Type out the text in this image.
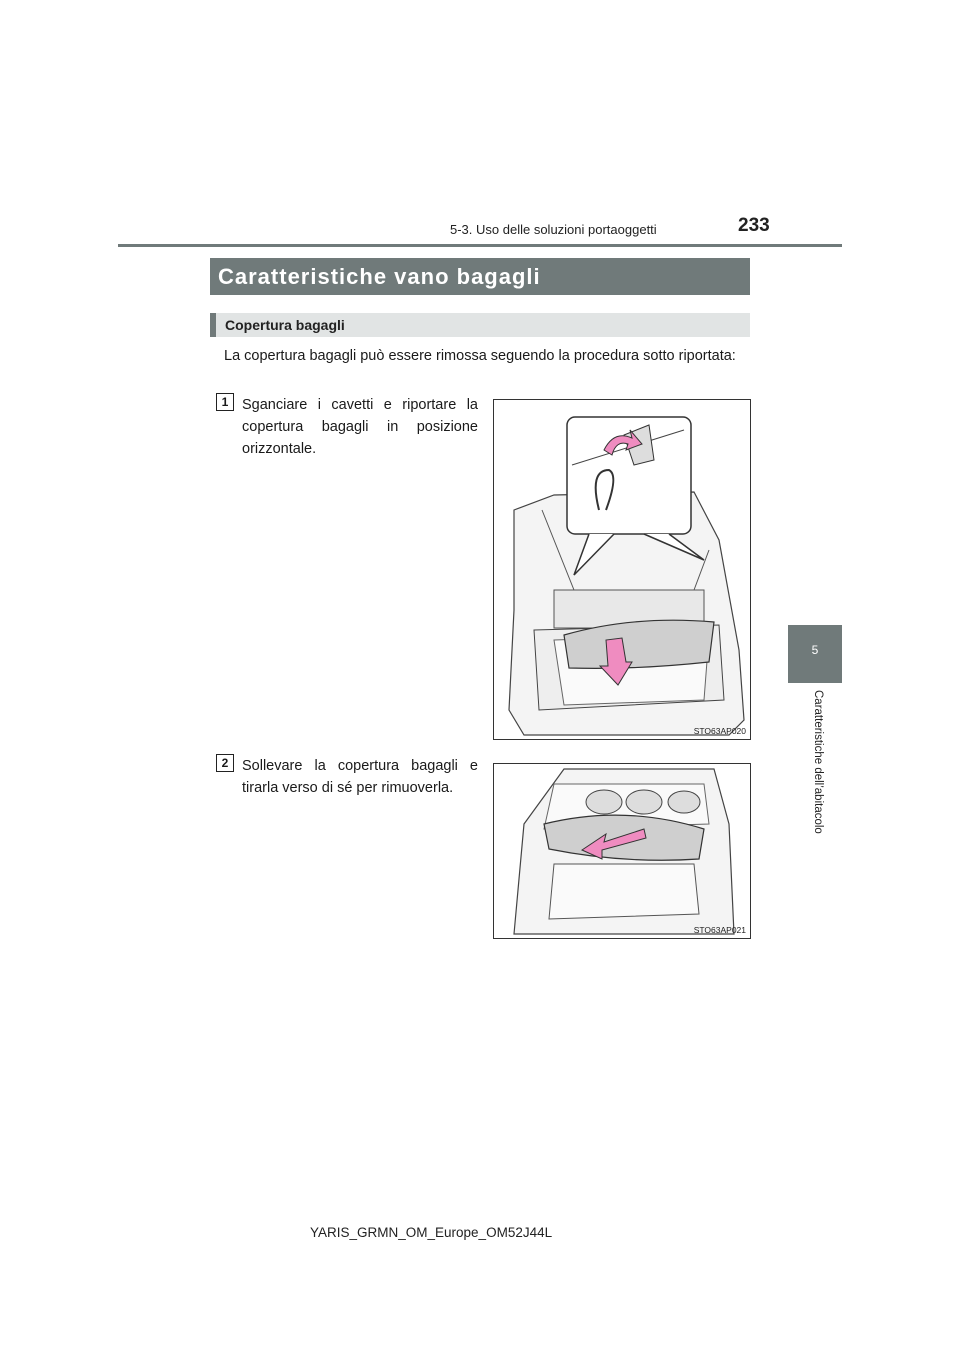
5-3. Uso delle soluzioni portaoggetti	233
5
Caratteristiche dell’abitacolo
Caratteristiche vano bagagli
Copertura bagagli
La copertura bagagli può essere rimossa seguendo la procedura sotto riportata:
1 Sganciare i cavetti e riportare la copertura bagagli in posizione orizzontale.
STO63AP020
2 Sollevare la copertura bagagli e tirarla verso di sé per rimuoverla.
STO63AP021
YARIS_GRMN_OM_Europe_OM52J44L
